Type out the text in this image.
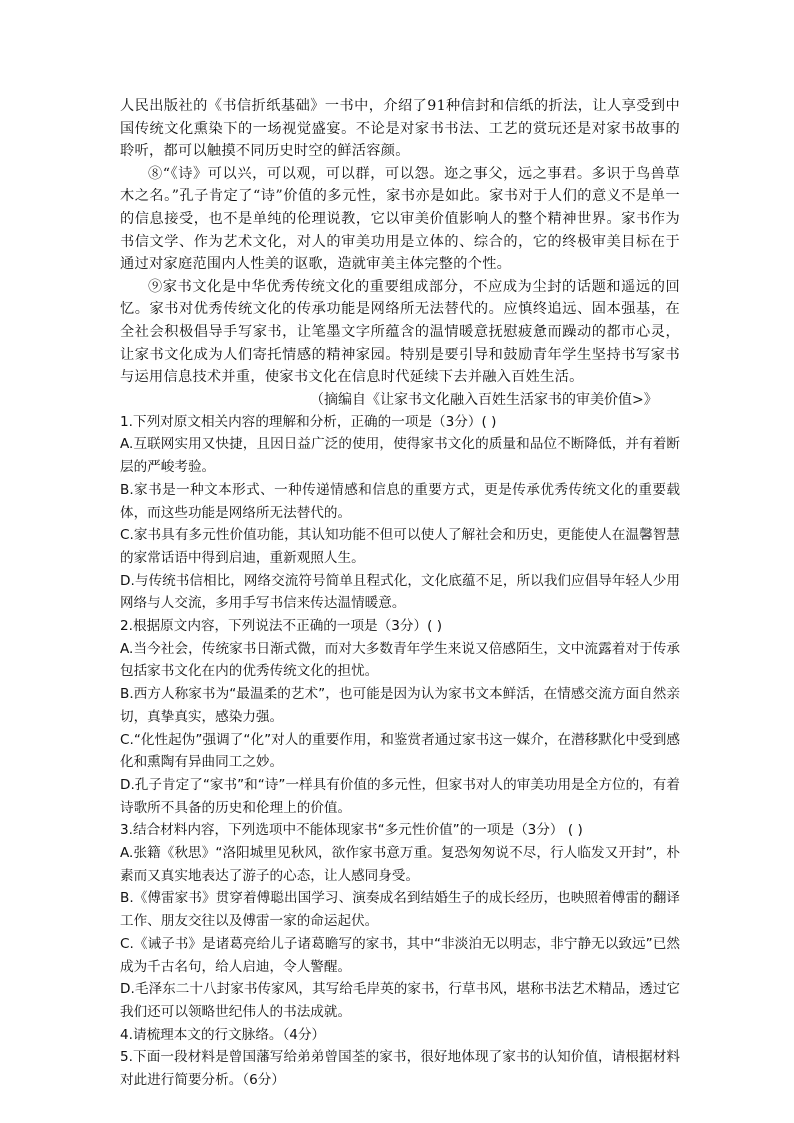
人民出版社的《书信折纸基础》一书中，介绍了91种信封和信纸的折法，让人享受到中国传统文化熏染下的一场视觉盛宴。不论是对家书书法、工艺的赏玩还是对家书故事的聆听，都可以触摸不同历史时空的鲜活容颜。

⑧“《诗》可以兴，可以观，可以群，可以怨。迩之事父，远之事君。多识于鸟兽草木之名。”孔子肯定了“诗”价值的多元性，家书亦是如此。家书对于人们的意义不是单一的信息接受，也不是单纯的伦理说教，它以审美价值影响人的整个精神世界。家书作为书信文学、作为艺术文化，对人的审美功用是立体的、综合的，它的终极审美目标在于通过对家庭范围内人性美的讴歌，造就审美主体完整的个性。

⑨家书文化是中华优秀传统文化的重要组成部分，不应成为尘封的话题和遥远的回忆。家书对优秀传统文化的传承功能是网络所无法替代的。应慎终追远、固本强基，在全社会积极倡导手写家书，让笔墨文字所蕴含的温情暖意抚慰疲惫而躁动的都市心灵，让家书文化成为人们寄托情感的精神家园。特别是要引导和鼓励青年学生坚持书写家书与运用信息技术并重，使家书文化在信息时代延续下去并融入百姓生活。

（摘编自《让家书文化融入百姓生活家书的审美价值>》

1.下列对原文相关内容的理解和分析，正确的一项是（3分）( )

A.互联网实用又快捷，且因日益广泛的使用，使得家书文化的质量和品位不断降低，并有着断层的严峻考验。

B.家书是一种文本形式、一种传递情感和信息的重要方式，更是传承优秀传统文化的重要载体，而这些功能是网络所无法替代的。

C.家书具有多元性价值功能，其认知功能不但可以使人了解社会和历史，更能使人在温馨智慧的家常话语中得到启迪，重新观照人生。

D.与传统书信相比，网络交流符号简单且程式化，文化底蕴不足，所以我们应倡导年轻人少用网络与人交流，多用手写书信来传达温情暖意。

2.根据原文内容，下列说法不正确的一项是（3分）( )

A.当今社会，传统家书日渐式微，而对大多数青年学生来说又倍感陌生，文中流露着对于传承包括家书文化在内的优秀传统文化的担忧。

B.西方人称家书为“最温柔的艺术”，也可能是因为认为家书文本鲜活，在情感交流方面自然亲切，真挚真实，感染力强。

C.“化性起伪”强调了“化”对人的重要作用，和鉴赏者通过家书这一媒介，在潜移默化中受到感化和熏陶有异曲同工之妙。

D.孔子肯定了“家书”和“诗”一样具有价值的多元性，但家书对人的审美功用是全方位的，有着诗歌所不具备的历史和伦理上的价值。

3.结合材料内容，下列选项中不能体现家书“多元性价值”的一项是（3分） ( )

A.张籍《秋思》“洛阳城里见秋风，欲作家书意万重。复恐匆匆说不尽，行人临发又开封”，朴素而又真实地表达了游子的心态，让人感同身受。

B.《傅雷家书》贯穿着傅聪出国学习、演奏成名到结婚生子的成长经历，也映照着傅雷的翻译工作、朋友交往以及傅雷一家的命运起伏。

C.《诫子书》是诸葛亮给儿子诸葛瞻写的家书，其中“非淡泊无以明志，非宁静无以致远”已然成为千古名句，给人启迪，令人警醒。

D.毛泽东二十八封家书传家风，其写给毛岸英的家书，行草书风，堪称书法艺术精品，透过它我们还可以领略世纪伟人的书法成就。

4.请梳理本文的行文脉络。（4分）

5.下面一段材料是曾国藩写给弟弟曾国荃的家书，很好地体现了家书的认知价值，请根据材料对此进行简要分析。（6分）
